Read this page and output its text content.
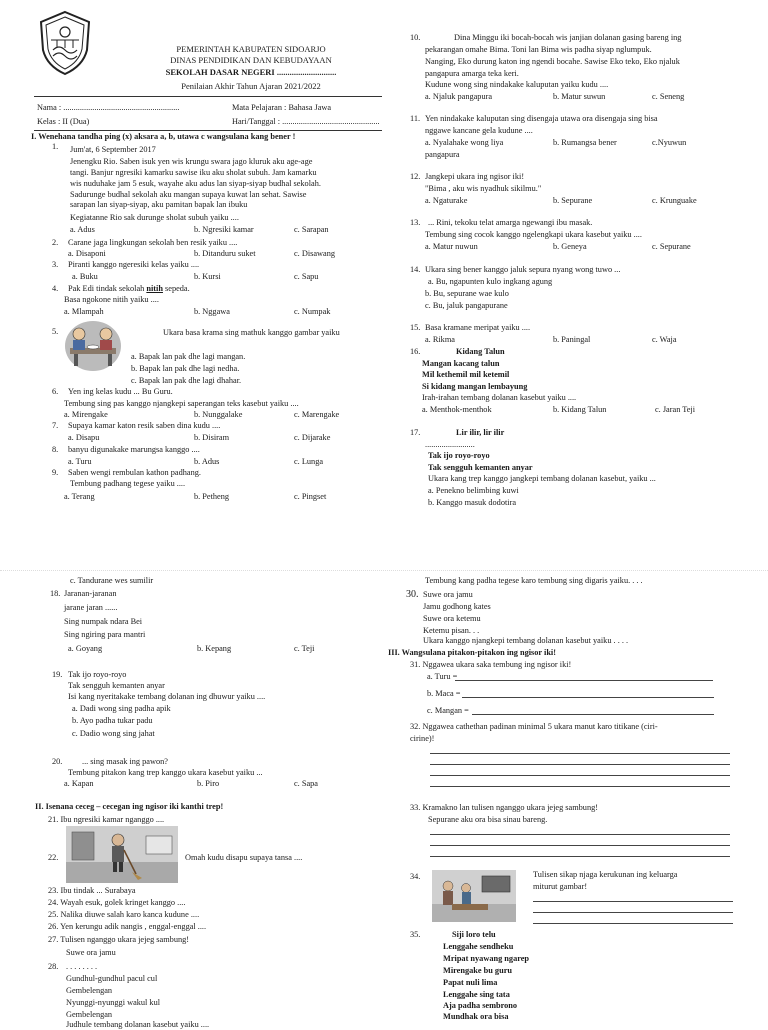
PEMERINTAH KABUPATEN SIDOARJO
DINAS PENDIDIKAN DAN KEBUDAYAAN
SEKOLAH DASAR NEGERI ............................
Penilaian Akhir Tahun Ajaran 2021/2022
Nama : ........................................................	Mata Pelajaran : Bahasa Jawa
Kelas : II (Dua)	Hari/Tanggal : ...............................................
I. Wenehana tandha ping (x) aksara a, b, utawa c wangsulana kang bener !
1. Jum'at, 6 September 2017
Jenengku Rio. Saben isuk yen wis krungu swara jago kluruk aku age-age
tangi. Banjur ngresiki kamarku sawise iku aku sholat subuh. Jam kamarku
wis nuduhake jam 5 esuk, wayahe aku adus lan siyap-siyap budhal sekolah.
Sadurunge budhal sekolah aku mangan supaya kuwat lan sehat. Sawise
sarapan lan siyap-siyap, aku pamitan bapak lan ibuku
Kegiatanne Rio sak durunge sholat subuh yaiku ....
a. Adus	b. Ngresiki kamar	c. Sarapan
2. Carane jaga lingkungan sekolah ben resik yaiku ....
a. Disaponi	b. Ditanduru suket	c. Disawang
3. Piranti kanggo ngeresiki kelas yaiku ....
a. Buku	b. Kursi	c. Sapu
4. Pak Edi tindak sekolah nitih sepeda.
Basa ngokone nitih yaiku ....
a. Mlampah	b. Nggawa	c. Numpak
5.	Ukara basa krama sing mathuk kanggo gambar yaiku
a. Bapak lan pak dhe lagi mangan.
b. Bapak lan pak dhe lagi nedha.
c. Bapak lan pak dhe lagi dhahar.
6. Yen ing kelas kudu ... Bu Guru.
Tembung sing pas kanggo njangkepi saperangan teks kasebut yaiku ....
a. Mirengake	b. Nunggalake	c. Marengake
7. Supaya kamar katon resik saben dina kudu ....
a. Disapu	b. Disiram	c. Dijarake
8. banyu digunakake marungsa kanggo ....
a. Turu	b. Adus	c. Lunga
9. Saben wengi rembulan kathon padhang.
Tembung padhang tegese yaiku ....
a. Terang	b. Petheng	c. Pingset
10.	Dina Minggu iki bocah-bocah wis janjian dolanan gasing bareng ing
pekarangan omahe Bima. Toni lan Bima wis padha siyap nglumpuk.
Nanging, Eko durung katon ing ngendi bocahe. Sawise Eko teko, Eko njaluk
pangapura amarga teka keri.
Kudune wong sing nindakake kaluputan yaiku kudu ....
a. Njaluk pangapura	b. Matur suwun	c. Seneng
11. Yen nindakake kaluputan sing disengaja utawa ora disengaja sing bisa
nggawe kancane gela kudune ....
a. Nyalahake wong liya	b. Rumangsa bener	c.Nyuwun
pangapura
12. Jangkepi ukara ing ngisor iki!
"Bima , aku wis nyadhuk sikilmu."
a. Ngaturake	b. Sepurane	c. Krunguake
13. ... Rini, tekoku telat amarga ngewangi ibu masak.
Tembung sing cocok kanggo ngelengkapi ukara kasebut yaiku ....
a. Matur nuwun	b. Geneya	c. Sepurane
14. Ukara sing bener kanggo jaluk sepura nyang wong tuwo ...
a. Bu, ngapunten kulo ingkang agung
b. Bu, sepurane wae kulo
c. Bu, jaluk pangapurane
15. Basa kramane meripat yaiku ....
a. Rikma	b. Paningal	c. Waja
16.	Kidang Talun
Mangan kacang talun
Mil kethemil mil ketemil
Si kidang mangan lembayung
Irah-irahan tembang dolanan kasebut yaiku ....
a. Menthok-menthok	b. Kidang Talun	c. Jaran Teji
17.	Lir ilir, lir ilir
........................
Tak ijo royo-royo
Tak sengguh kemanten anyar
Ukara kang trep kanggo jangkepi tembang dolanan kasebut, yaiku ...
a. Penekno belimbing kuwi
b. Kanggo masuk dodotira
c. Tandurane wes sumilir
18. Jaranan-jaranan
jarane jaran ......
Sing numpak ndara Bei
Sing ngiring para mantri
a. Goyang	b. Kepang	c. Teji
19. Tak ijo royo-royo
Tak sengguh kemanten anyar
Isi kang nyeritakake tembang dolanan ing dhuwur yaiku ....
a. Dadi wong sing padha apik
b. Ayo padha tukar padu
c. Dadio wong sing jahat
20. ... sing masak ing pawon?
Tembung pitakon kang trep kanggo ukara kasebut yaiku ...
a. Kapan	b. Piro	c. Sapa
II. Isenana ceceg – cecegan ing ngisor iki kanthi trep!
21. Ibu ngresiki kamar nganggo ....
22.	Omah kudu disapu supaya tansa ....
23. Ibu tindak ... Surabaya
24. Wayah esuk, golek kringet kanggo ....
25. Nalika diuwe salah karo kanca kudune ....
26. Yen kerungu adik nangis , enggal-enggal ....
27. Tulisen nganggo ukara jejeg sambung!
Suwe ora jamu
28. . . . . . . . .
Gundhul-gundhul pacul cul
Gembelengan
Nyunggi-nyunggi wakul kul
Gembelengan
Judhule tembang dolanan kasebut yaiku ....
Tembung kang padha tegese karo tembung sing digaris yaiku. . . .
30. Suwe ora jamu
Jamu godhong kates
Suwe ora ketemu
Ketemu pisan. . .
Ukara kanggo njangkepi tembang dolanan kasebut yaiku . . . .
III. Wangsulana pitakon-pitakon ing ngisor iki!
31. Nggawea ukara saka tembung ing ngisor iki!
a. Turu =
b. Maca =
c. Mangan =
32. Nggawea cathethan padinan minimal 5 ukara manut karo titikane (ciri-
cirine)!
33. Kramakno lan tulisen nganggo ukara jejeg sambung!
Sepurane aku ora bisa sinau bareng.
34.	Tulisen sikap njaga kerukunan ing keluarga
miturut gambar!
35.	Siji loro telu
Lenggahe sendheku
Mripat nyawang ngarep
Mirengake bu guru
Papat nuli lima
Lenggahe sing tata
Aja padha sembrono
Mundhak ora bisa
